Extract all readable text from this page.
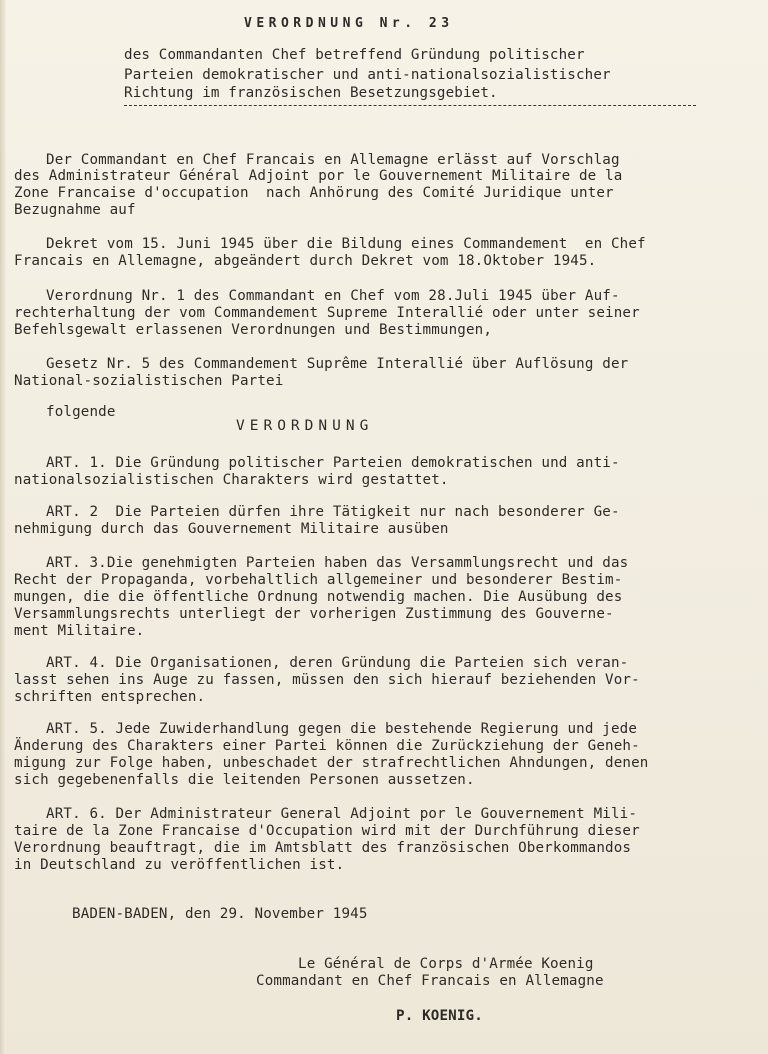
VERORDNUNG Nr. 23
des Commandanten Chef betreffend Gründung politischer
Parteien demokratischer und anti-nationalsozialistischer
Richtung im französischen Besetzungsgebiet.
Der Commandant en Chef Francais en Allemagne erlässt auf Vorschlag
des Administrateur Général Adjoint por le Gouvernement Militaire de la
Zone Francaise d'occupation  nach Anhörung des Comité Juridique unter
Bezugnahme auf
Dekret vom 15. Juni 1945 über die Bildung eines Commandement  en Chef
Francais en Allemagne, abgeändert durch Dekret vom 18.Oktober 1945.
Verordnung Nr. 1 des Commandant en Chef vom 28.Juli 1945 über Auf-
rechterhaltung der vom Commandement Supreme Interallié oder unter seiner
Befehlsgewalt erlassenen Verordnungen und Bestimmungen,
Gesetz Nr. 5 des Commandement Suprême Interallié über Auflösung der
National-sozialistischen Partei
folgende
VERORDNUNG
ART. 1. Die Gründung politischer Parteien demokratischen und anti-
nationalsozialistischen Charakters wird gestattet.
ART. 2  Die Parteien dürfen ihre Tätigkeit nur nach besonderer Ge-
nehmigung durch das Gouvernement Militaire ausüben
ART. 3.Die genehmigten Parteien haben das Versammlungsrecht und das
Recht der Propaganda, vorbehaltlich allgemeiner und besonderer Bestim-
mungen, die die öffentliche Ordnung notwendig machen. Die Ausübung des
Versammlungsrechts unterliegt der vorherigen Zustimmung des Gouverne-
ment Militaire.
ART. 4. Die Organisationen, deren Gründung die Parteien sich veran-
lasst sehen ins Auge zu fassen, müssen den sich hierauf beziehenden Vor-
schriften entsprechen.
ART. 5. Jede Zuwiderhandlung gegen die bestehende Regierung und jede
Änderung des Charakters einer Partei können die Zurückziehung der Geneh-
migung zur Folge haben, unbeschadet der strafrechtlichen Ahndungen, denen
sich gegebenenfalls die leitenden Personen aussetzen.
ART. 6. Der Administrateur General Adjoint por le Gouvernement Mili-
taire de la Zone Francaise d'Occupation wird mit der Durchführung dieser
Verordnung beauftragt, die im Amtsblatt des französischen Oberkommandos
in Deutschland zu veröffentlichen ist.
BADEN-BADEN, den 29. November 1945
Le Général de Corps d'Armée Koenig
Commandant en Chef Francais en Allemagne
P. KOENIG.
